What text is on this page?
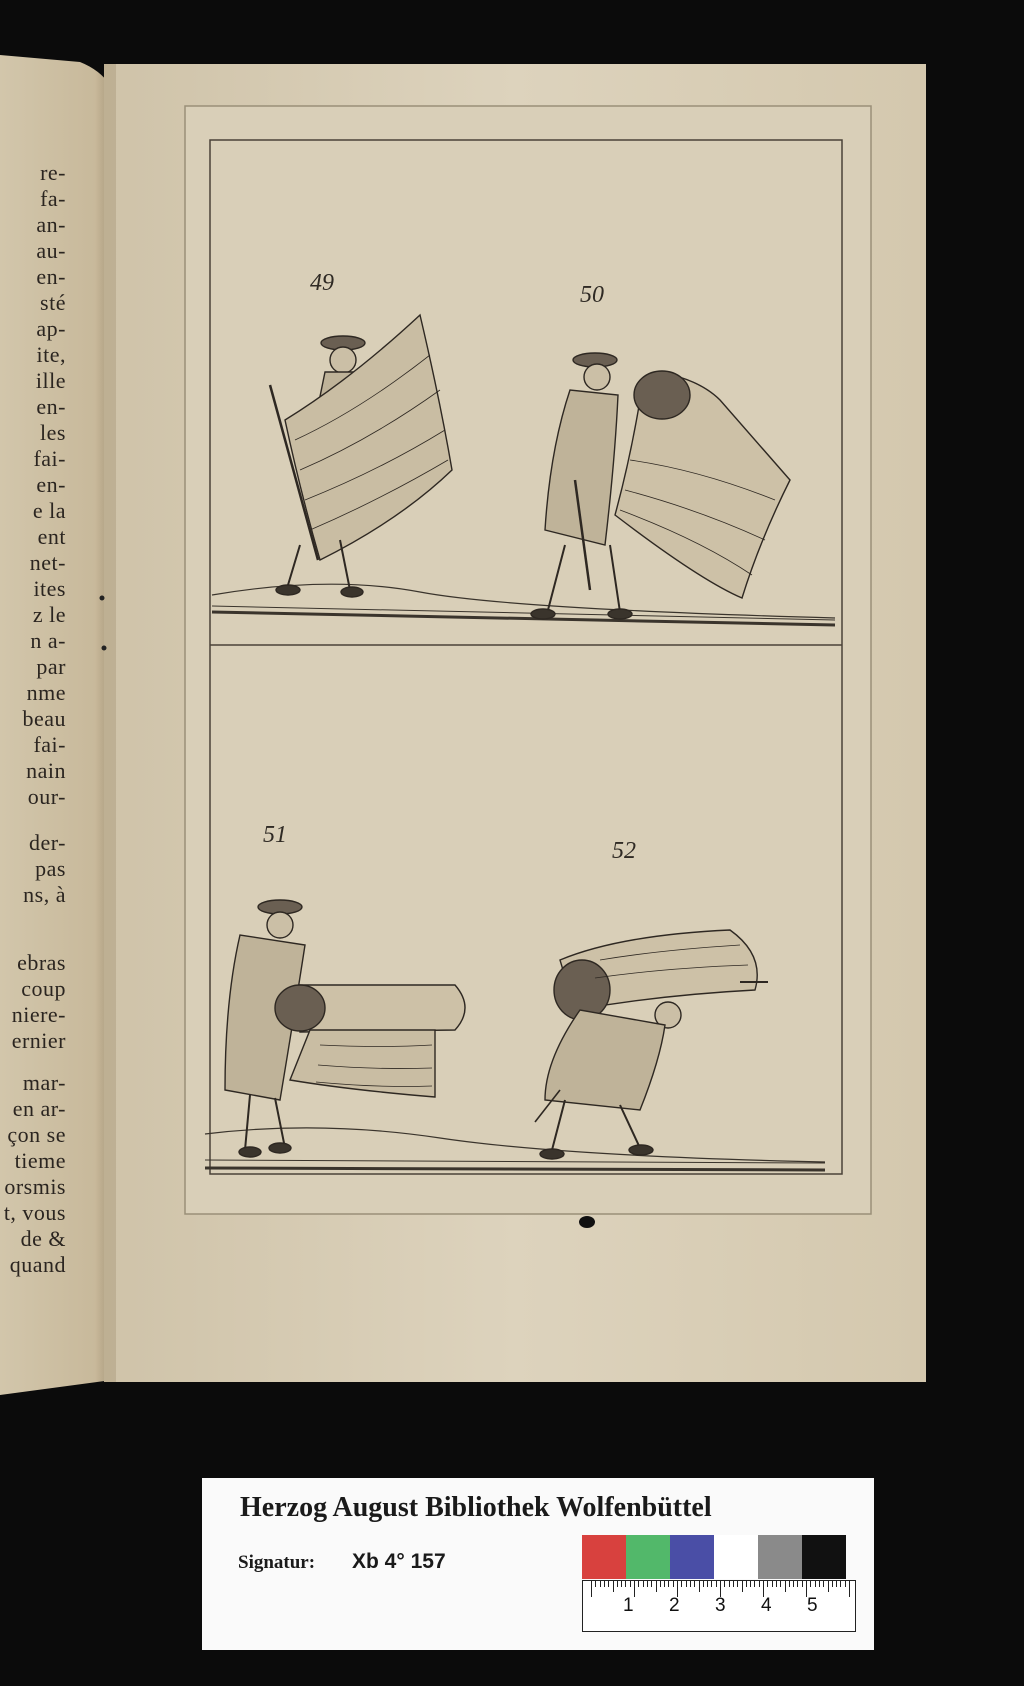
49	50
51
52
re-
fa-
an-
au-
en-
sté
ap-
ite,
ille
en-
les
fai-
en-
e la
ent
net-
ites
z le
n a-
par
nme
beau
fai-
nain
our-
der-
pas
ns, à
ebras
coup
niere-
ernier
mar-
en ar-
çon se
tieme
orsmis
t, vous
de &
quand
Herzog August Bibliothek Wolfenbüttel
Signatur: Xb 4° 157
1 2 3 4 5
